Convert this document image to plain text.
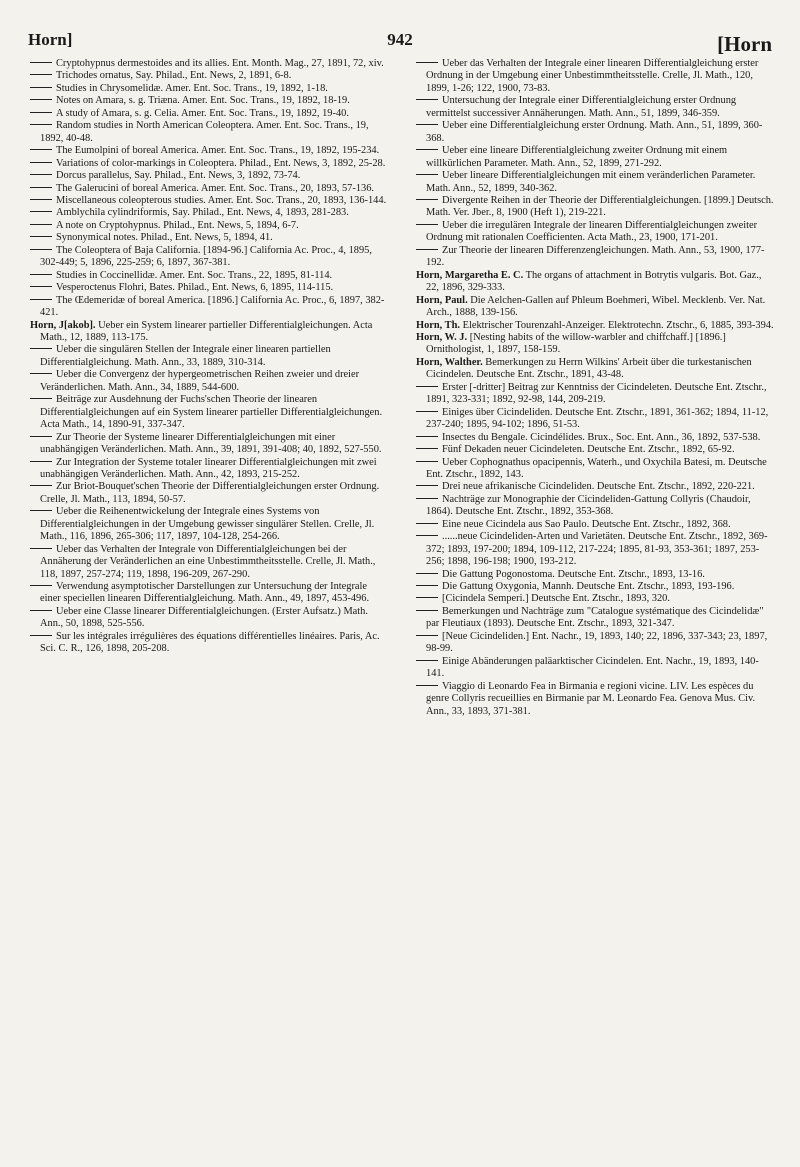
Horn]	942	[Horn

Cryptohypnus dermestoides and its allies. Ent. Month. Mag., 27, 1891, 72, xiv.

Trichodes ornatus, Say. Philad., Ent. News, 2, 1891, 6-8.

Studies in Chrysomelidæ. Amer. Ent. Soc. Trans., 19, 1892, 1-18.

Notes on Amara, s. g. Triæna. Amer. Ent. Soc. Trans., 19, 1892, 18-19.

A study of Amara, s. g. Celia. Amer. Ent. Soc. Trans., 19, 1892, 19-40.

Random studies in North American Coleoptera. Amer. Ent. Soc. Trans., 19, 1892, 40-48.

The Eumolpini of boreal America. Amer. Ent. Soc. Trans., 19, 1892, 195-234.

Variations of color-markings in Coleoptera. Philad., Ent. News, 3, 1892, 25-28.

Dorcus parallelus, Say. Philad., Ent. News, 3, 1892, 73-74.

The Galerucini of boreal America. Amer. Ent. Soc. Trans., 20, 1893, 57-136.

Miscellaneous coleopterous studies. Amer. Ent. Soc. Trans., 20, 1893, 136-144.

Amblychila cylindriformis, Say. Philad., Ent. News, 4, 1893, 281-283.

A note on Cryptohypnus. Philad., Ent. News, 5, 1894, 6-7.

Synonymical notes. Philad., Ent. News, 5, 1894, 41.

The Coleoptera of Baja California. [1894-96.] California Ac. Proc., 4, 1895, 302-449; 5, 1896, 225-259; 6, 1897, 367-381.

Studies in Coccinellidæ. Amer. Ent. Soc. Trans., 22, 1895, 81-114.

Vesperoctenus Flohri, Bates. Philad., Ent. News, 6, 1895, 114-115.

The Œdemeridæ of boreal America. [1896.] California Ac. Proc., 6, 1897, 382-421.

Horn, J[akob]. Ueber ein System linearer partieller Differentialgleichungen. Acta Math., 12, 1889, 113-175.

Ueber die singulären Stellen der Integrale einer linearen partiellen Differentialgleichung. Math. Ann., 33, 1889, 310-314.

Ueber die Convergenz der hypergeometrischen Reihen zweier und dreier Veränderlichen. Math. Ann., 34, 1889, 544-600.

Beiträge zur Ausdehnung der Fuchs'schen Theorie der linearen Differentialgleichungen auf ein System linearer partieller Differentialgleichungen. Acta Math., 14, 1890-91, 337-347.

Zur Theorie der Systeme linearer Differentialgleichungen mit einer unabhängigen Veränderlichen. Math. Ann., 39, 1891, 391-408; 40, 1892, 527-550.

Zur Integration der Systeme totaler linearer Differentialgleichungen mit zwei unabhängigen Veränderlichen. Math. Ann., 42, 1893, 215-252.

Zur Briot-Bouquet'schen Theorie der Differentialgleichungen erster Ordnung. Crelle, Jl. Math., 113, 1894, 50-57.

Ueber die Reihenentwickelung der Integrale eines Systems von Differentialgleichungen in der Umgebung gewisser singulärer Stellen. Crelle, Jl. Math., 116, 1896, 265-306; 117, 1897, 104-128, 254-266.

Ueber das Verhalten der Integrale von Differentialgleichungen bei der Annäherung der Veränderlichen an eine Unbestimmtheitsstelle. Crelle, Jl. Math., 118, 1897, 257-274; 119, 1898, 196-209, 267-290.

Verwendung asymptotischer Darstellungen zur Untersuchung der Integrale einer speciellen linearen Differentialgleichung. Math. Ann., 49, 1897, 453-496.

Ueber eine Classe linearer Differentialgleichungen. (Erster Aufsatz.) Math. Ann., 50, 1898, 525-556.

Sur les intégrales irrégulières des équations différentielles linéaires. Paris, Ac. Sci. C. R., 126, 1898, 205-208.

Ueber das Verhalten der Integrale einer linearen Differentialgleichung erster Ordnung in der Umgebung einer Unbestimmtheitsstelle. Crelle, Jl. Math., 120, 1899, 1-26; 122, 1900, 73-83.

Untersuchung der Integrale einer Differentialgleichung erster Ordnung vermittelst successiver Annäherungen. Math. Ann., 51, 1899, 346-359.

Ueber eine Differentialgleichung erster Ordnung. Math. Ann., 51, 1899, 360-368.

Ueber eine lineare Differentialgleichung zweiter Ordnung mit einem willkürlichen Parameter. Math. Ann., 52, 1899, 271-292.

Ueber lineare Differentialgleichungen mit einem veränderlichen Parameter. Math. Ann., 52, 1899, 340-362.

Divergente Reihen in der Theorie der Differentialgleichungen. [1899.] Deutsch. Math. Ver. Jber., 8, 1900 (Heft 1), 219-221.

Ueber die irregulären Integrale der linearen Differentialgleichungen zweiter Ordnung mit rationalen Coefficienten. Acta Math., 23, 1900, 171-201.

Zur Theorie der linearen Differenzengleichungen. Math. Ann., 53, 1900, 177-192.

Horn, Margaretha E. C. The organs of attachment in Botrytis vulgaris. Bot. Gaz., 22, 1896, 329-333.

Horn, Paul. Die Aelchen-Gallen auf Phleum Boehmeri, Wibel. Mecklenb. Ver. Nat. Arch., 1888, 139-156.

Horn, Th. Elektrischer Tourenzahl-Anzeiger. Elektrotechn. Ztschr., 6, 1885, 393-394.

Horn, W. J. [Nesting habits of the willow-warbler and chiffchaff.] [1896.] Ornithologist, 1, 1897, 158-159.

Horn, Walther. Bemerkungen zu Herrn Wilkins' Arbeit über die turkestanischen Cicindelen. Deutsche Ent. Ztschr., 1891, 43-48.

Erster [-dritter] Beitrag zur Kenntniss der Cicindeleten. Deutsche Ent. Ztschr., 1891, 323-331; 1892, 92-98, 144, 209-219.

Einiges über Cicindeliden. Deutsche Ent. Ztschr., 1891, 361-362; 1894, 11-12, 237-240; 1895, 94-102; 1896, 51-53.

Insectes du Bengale. Cicindélides. Brux., Soc. Ent. Ann., 36, 1892, 537-538.

Fünf Dekaden neuer Cicindeleten. Deutsche Ent. Ztschr., 1892, 65-92.

Ueber Cophognathus opacipennis, Waterh., und Oxychila Batesi, m. Deutsche Ent. Ztschr., 1892, 143.

Drei neue afrikanische Cicindeliden. Deutsche Ent. Ztschr., 1892, 220-221.

Nachträge zur Monographie der Cicindeliden-Gattung Collyris (Chaudoir, 1864). Deutsche Ent. Ztschr., 1892, 353-368.

Eine neue Cicindela aus Sao Paulo. Deutsche Ent. Ztschr., 1892, 368.

......neue Cicindeliden-Arten und Varietäten. Deutsche Ent. Ztschr., 1892, 369-372; 1893, 197-200; 1894, 109-112, 217-224; 1895, 81-93, 353-361; 1897, 253-256; 1898, 196-198; 1900, 193-212.

Die Gattung Pogonostoma. Deutsche Ent. Ztschr., 1893, 13-16.

Die Gattung Oxygonia, Mannh. Deutsche Ent. Ztschr., 1893, 193-196.

[Cicindela Semperi.] Deutsche Ent. Ztschr., 1893, 320.

Bemerkungen und Nachträge zum "Catalogue systématique des Cicindelidæ" par Fleutiaux (1893). Deutsche Ent. Ztschr., 1893, 321-347.

[Neue Cicindeliden.] Ent. Nachr., 19, 1893, 140; 22, 1896, 337-343; 23, 1897, 98-99.

Einige Abänderungen paläarktischer Cicindelen. Ent. Nachr., 19, 1893, 140-141.

Viaggio di Leonardo Fea in Birmania e regioni vicine. LIV. Les espèces du genre Collyris recueillies en Birmanie par M. Leonardo Fea. Genova Mus. Civ. Ann., 33, 1893, 371-381.
